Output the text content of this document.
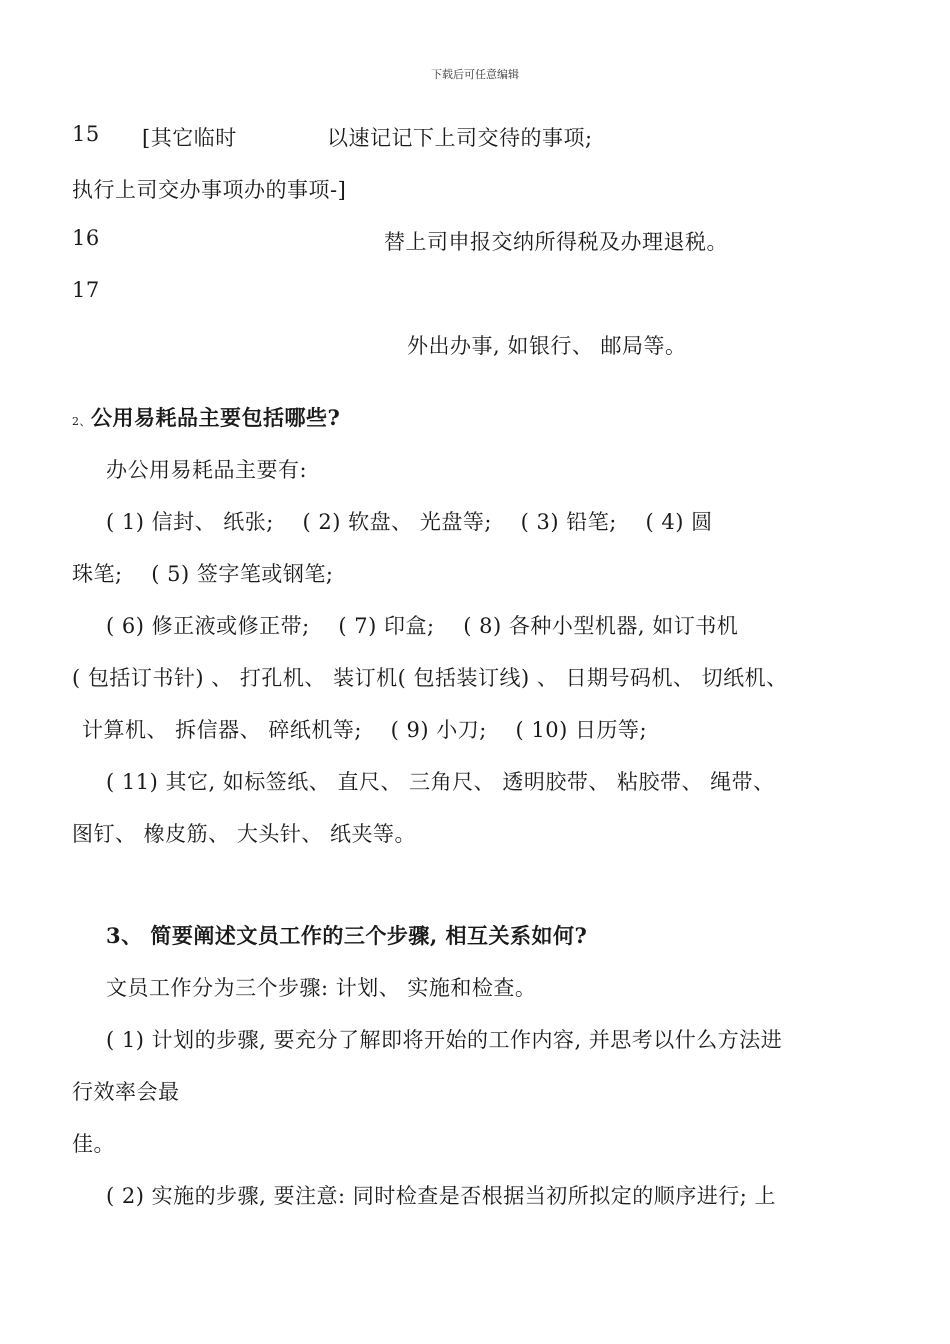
下载后可任意编辑
15 [其它临时	以速记记下上司交待的事项;
执行上司交办事项办的事项-]
16	替上司申报交纳所得税及办理退税。
17
外出办事, 如银行、 邮局等。
2、公用易耗品主要包括哪些?
办公用易耗品主要有:
( 1) 信封、 纸张;    ( 2) 软盘、 光盘等;    ( 3) 铅笔;    ( 4) 圆
珠笔;    ( 5) 签字笔或钢笔;
( 6) 修正液或修正带;    ( 7) 印盒;    ( 8) 各种小型机器, 如订书机
( 包括订书针) 、 打孔机、 装订机( 包括装订线) 、 日期号码机、 切纸机、
计算机、 拆信器、 碎纸机等;    ( 9) 小刀;    ( 10) 日历等;
( 11) 其它, 如标签纸、 直尺、 三角尺、 透明胶带、 粘胶带、 绳带、
图钉、 橡皮筋、 大头针、 纸夹等。
3、 简要阐述文员工作的三个步骤, 相互关系如何?
文员工作分为三个步骤: 计划、 实施和检查。
( 1) 计划的步骤, 要充分了解即将开始的工作内容, 并思考以什么方法进
行效率会最
佳。
( 2) 实施的步骤, 要注意: 同时检查是否根据当初所拟定的顺序进行; 上
